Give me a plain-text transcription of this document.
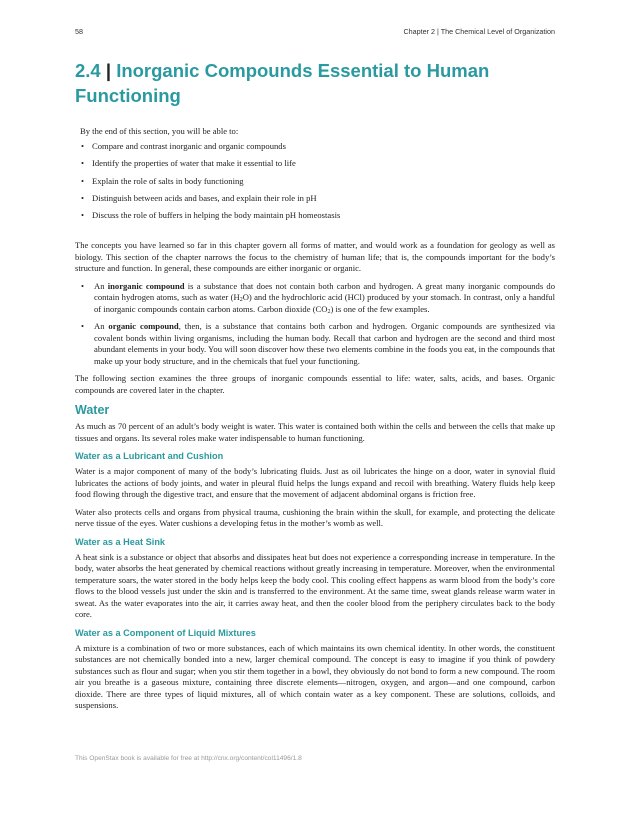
58	Chapter 2 | The Chemical Level of Organization
2.4 | Inorganic Compounds Essential to Human Functioning

By the end of this section, you will be able to:

• Compare and contrast inorganic and organic compounds
• Identify the properties of water that make it essential to life
• Explain the role of salts in body functioning
• Distinguish between acids and bases, and explain their role in pH
• Discuss the role of buffers in helping the body maintain pH homeostasis

The concepts you have learned so far in this chapter govern all forms of matter, and would work as a foundation for geology as well as biology. This section of the chapter narrows the focus to the chemistry of human life; that is, the compounds important for the body’s structure and function. In general, these compounds are either inorganic or organic.

• An inorganic compound is a substance that does not contain both carbon and hydrogen. A great many inorganic compounds do contain hydrogen atoms, such as water $(H_2O)$ and the hydrochloric acid (HCl) produced by your stomach. In contrast, only a handful of inorganic compounds contain carbon atoms. Carbon dioxide $(CO_2)$ is one of the few examples.
• An organic compound, then, is a substance that contains both carbon and hydrogen. Organic compounds are synthesized via covalent bonds within living organisms, including the human body. Recall that carbon and hydrogen are the second and third most abundant elements in your body. You will soon discover how these two elements combine in the foods you eat, in the compounds that make up your body structure, and in the chemicals that fuel your functioning.

The following section examines the three groups of inorganic compounds essential to life: water, salts, acids, and bases. Organic compounds are covered later in the chapter.

Water

As much as 70 percent of an adult’s body weight is water. This water is contained both within the cells and between the cells that make up tissues and organs. Its several roles make water indispensable to human functioning.

Water as a Lubricant and Cushion

Water is a major component of many of the body’s lubricating fluids. Just as oil lubricates the hinge on a door, water in synovial fluid lubricates the actions of body joints, and water in pleural fluid helps the lungs expand and recoil with breathing. Watery fluids help keep food flowing through the digestive tract, and ensure that the movement of adjacent abdominal organs is friction free.

Water also protects cells and organs from physical trauma, cushioning the brain within the skull, for example, and protecting the delicate nerve tissue of the eyes. Water cushions a developing fetus in the mother’s womb as well.

Water as a Heat Sink

A heat sink is a substance or object that absorbs and dissipates heat but does not experience a corresponding increase in temperature. In the body, water absorbs the heat generated by chemical reactions without greatly increasing in temperature. Moreover, when the environmental temperature soars, the water stored in the body helps keep the body cool. This cooling effect happens as warm blood from the body’s core flows to the blood vessels just under the skin and is transferred to the environment. At the same time, sweat glands release warm water in sweat. As the water evaporates into the air, it carries away heat, and then the cooler blood from the periphery circulates back to the body core.

Water as a Component of Liquid Mixtures

A mixture is a combination of two or more substances, each of which maintains its own chemical identity. In other words, the constituent substances are not chemically bonded into a new, larger chemical compound. The concept is easy to imagine if you think of powdery substances such as flour and sugar; when you stir them together in a bowl, they obviously do not bond to form a new compound. The room air you breathe is a gaseous mixture, containing three discrete elements—nitrogen, oxygen, and argon—and one compound, carbon dioxide. There are three types of liquid mixtures, all of which contain water as a key component. These are solutions, colloids, and suspensions.

This OpenStax book is available for free at http://cnx.org/content/col11496/1.8
